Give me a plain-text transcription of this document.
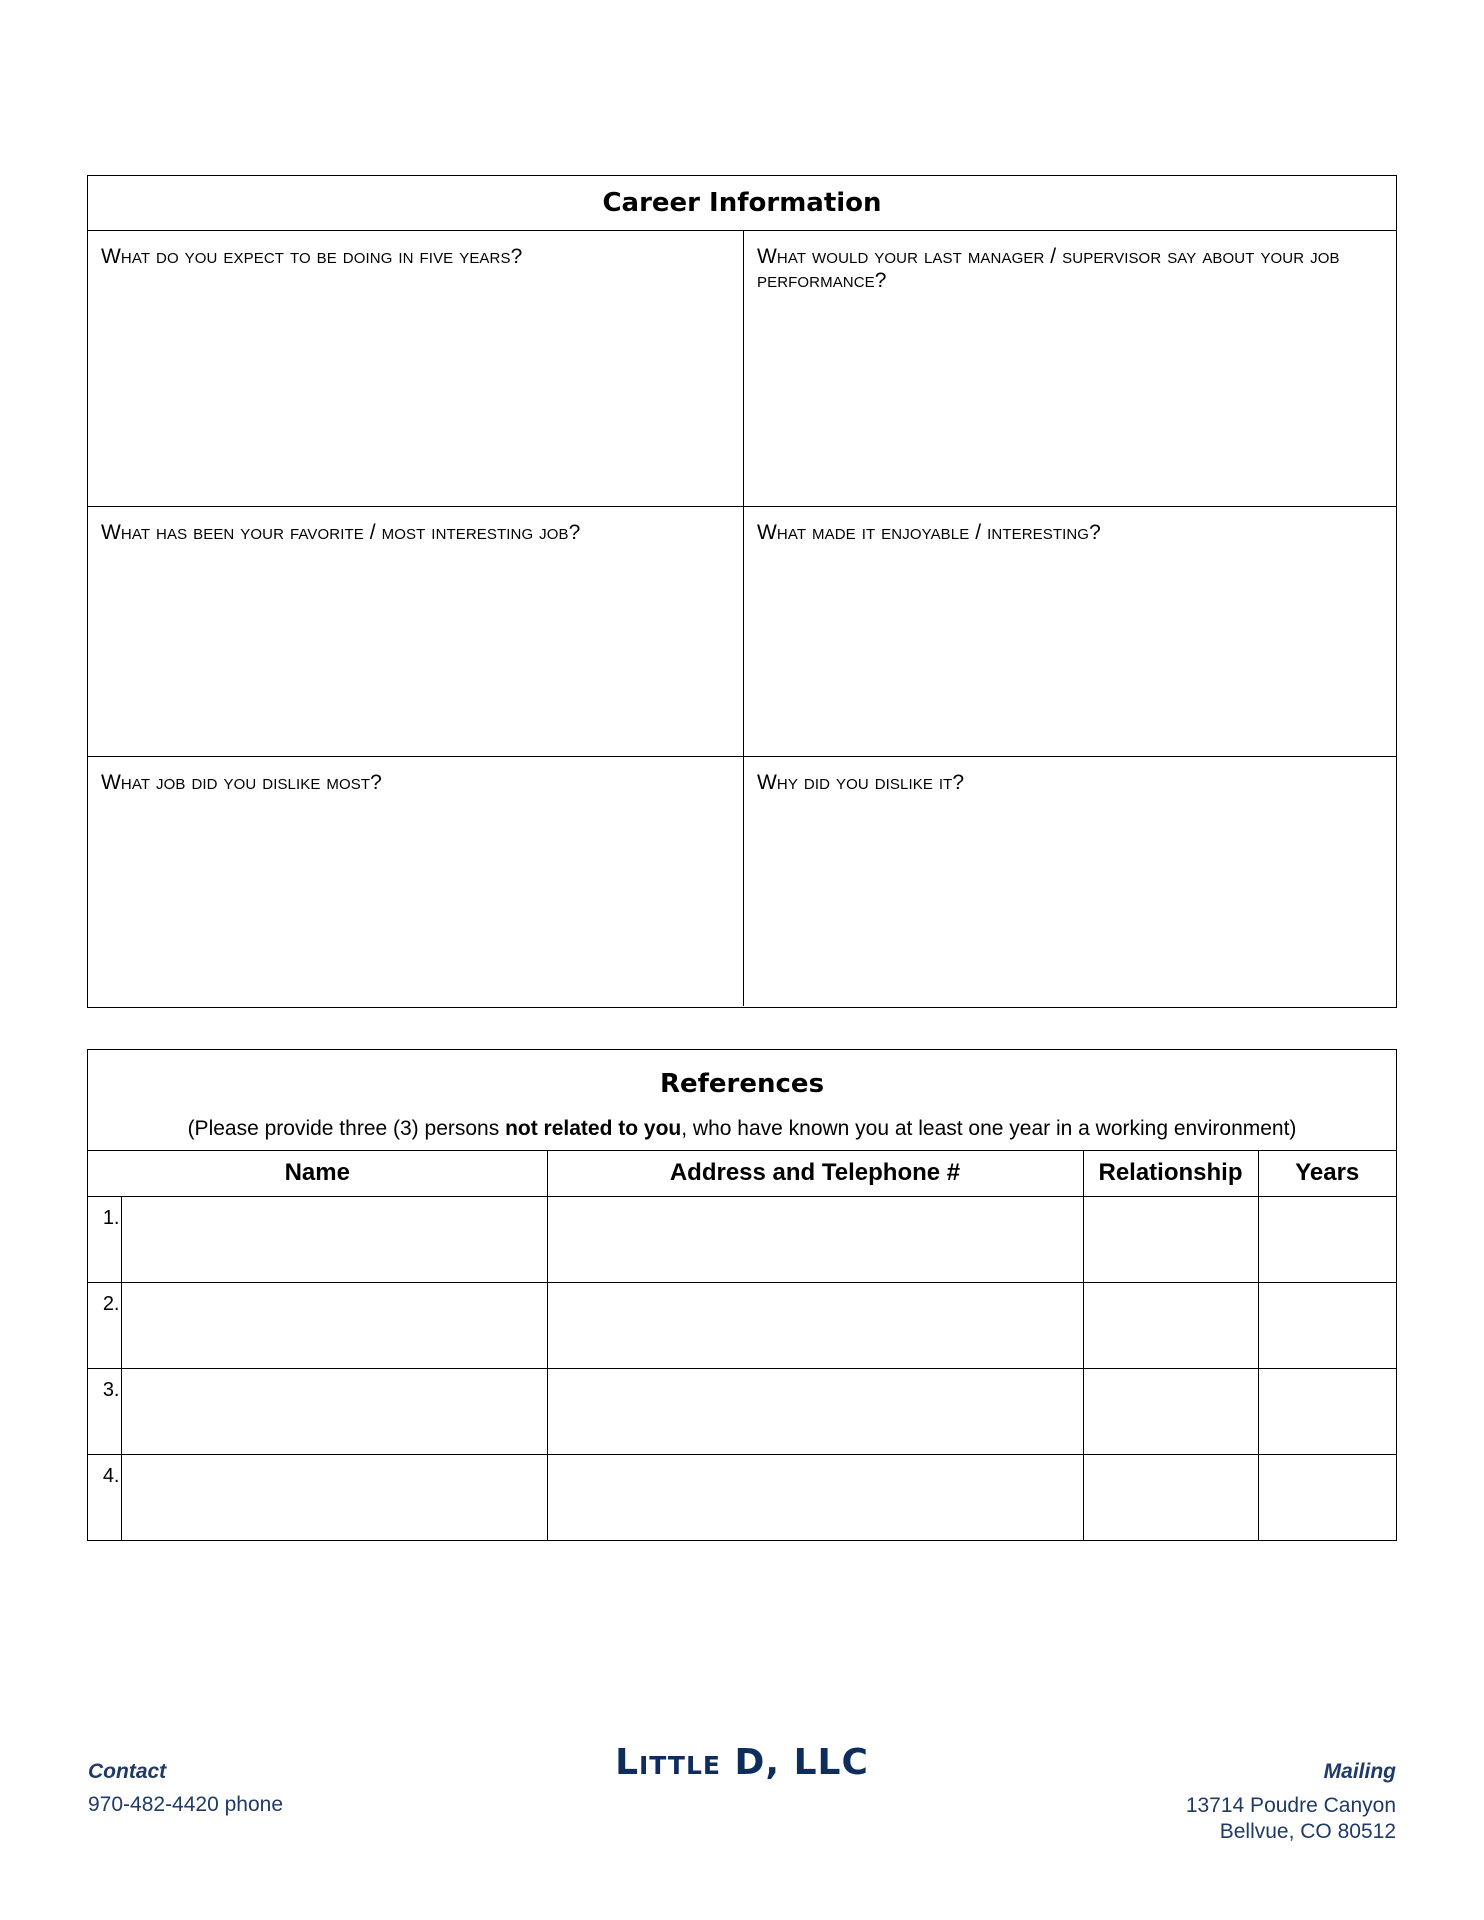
Career Information
What do you expect to be doing in five years?	What would your last manager / supervisor say about your job performance?
What has been your favorite / most interesting job?	What made it enjoyable / interesting?
What job did you dislike most?	Why did you dislike it?
References
(Please provide three (3) persons not related to you, who have known you at least one year in a working environment)
Name		Address and Telephone #	Relationship	Years
1.				
2.				
3.				
4.				
Contact
970-482-4420 phone
Little D, LLC	Mailing
13714 Poudre Canyon
Bellvue, CO 80512
